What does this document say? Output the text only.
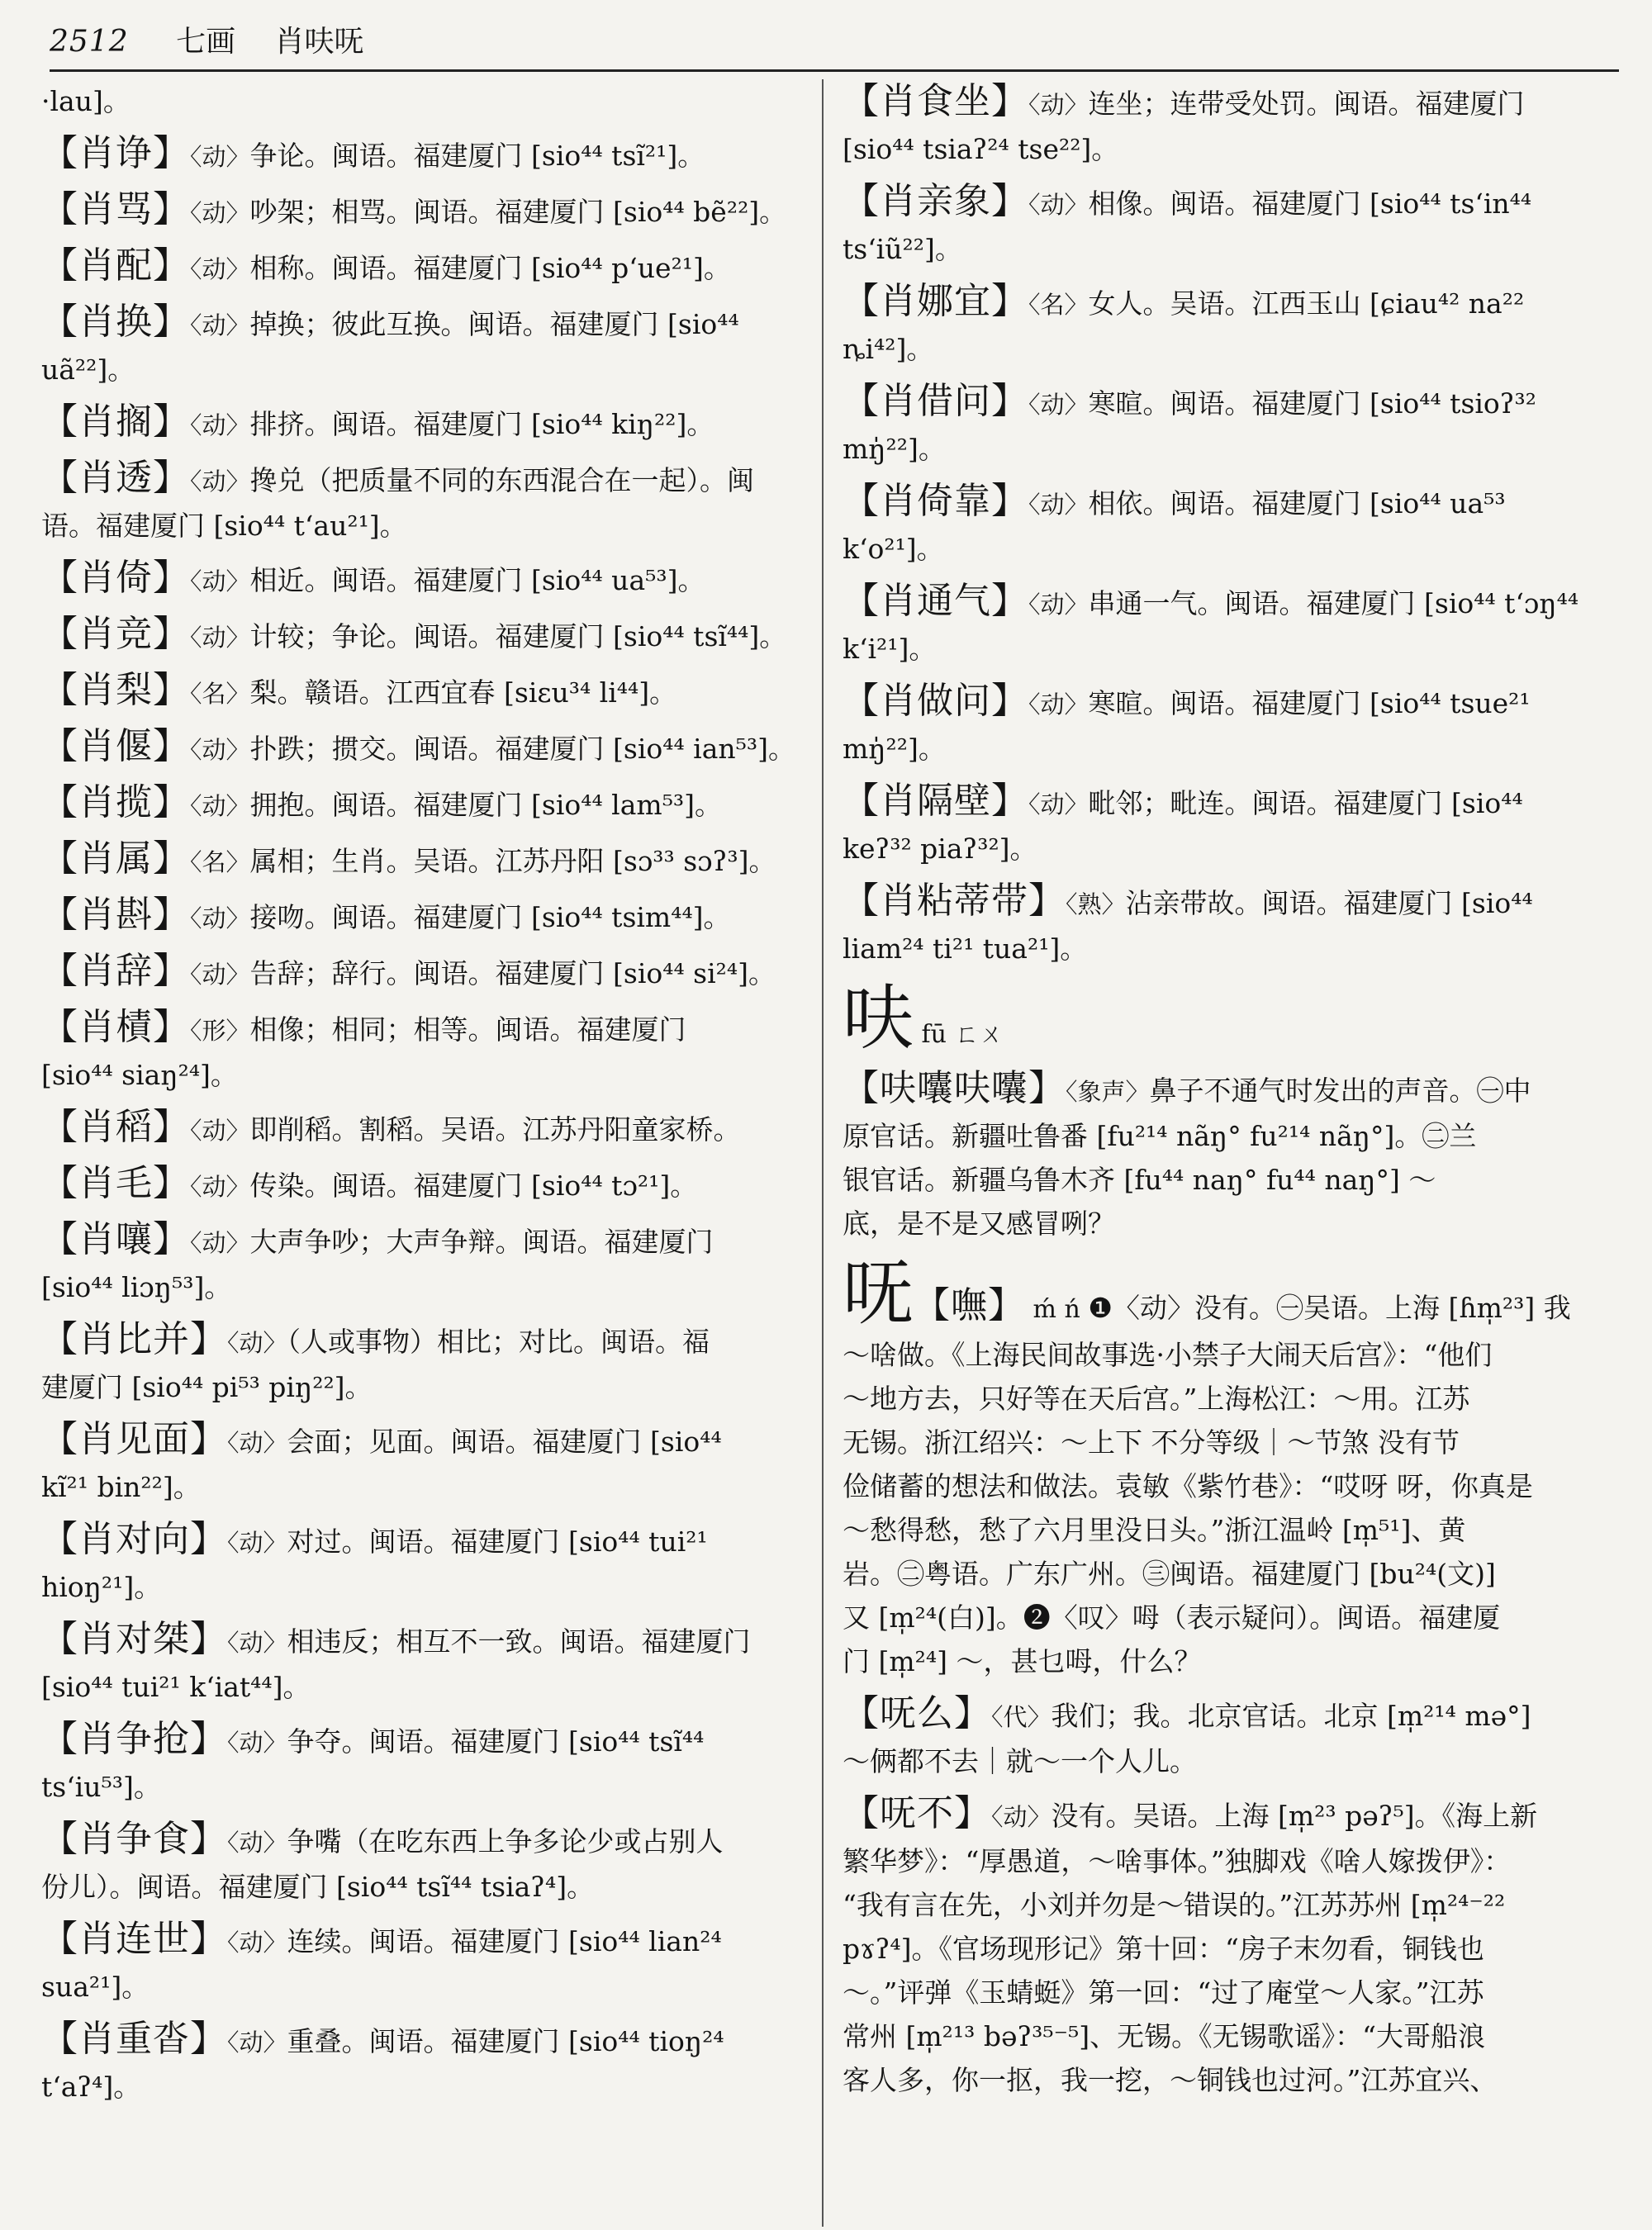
2512 七画 肖呋呒
·lau]。
【肖诤】〈动〉争论。闽语。福建厦门 [sio⁴⁴ tsĩ²¹]。
【肖骂】〈动〉吵架；相骂。闽语。福建厦门 [sio⁴⁴ bẽ²²]。
【肖配】〈动〉相称。闽语。福建厦门 [sio⁴⁴ p‘ue²¹]。
【肖换】〈动〉掉换；彼此互换。闽语。福建厦门 [sio⁴⁴
uã²²]。
【肖搁】〈动〉排挤。闽语。福建厦门 [sio⁴⁴ kiŋ²²]。
【肖透】〈动〉搀兑（把质量不同的东西混合在一起）。闽
语。福建厦门 [sio⁴⁴ t‘au²¹]。
【肖倚】〈动〉相近。闽语。福建厦门 [sio⁴⁴ ua⁵³]。
【肖竞】〈动〉计较；争论。闽语。福建厦门 [sio⁴⁴ tsĩ⁴⁴]。
【肖梨】〈名〉梨。赣语。江西宜春 [siɛu³⁴ li⁴⁴]。
【肖偃】〈动〉扑跌；掼交。闽语。福建厦门 [sio⁴⁴ ian⁵³]。
【肖揽】〈动〉拥抱。闽语。福建厦门 [sio⁴⁴ lam⁵³]。
【肖属】〈名〉属相；生肖。吴语。江苏丹阳 [sɔ³³ sɔʔ³]。
【肖斟】〈动〉接吻。闽语。福建厦门 [sio⁴⁴ tsim⁴⁴]。
【肖辞】〈动〉告辞；辞行。闽语。福建厦门 [sio⁴⁴ si²⁴]。
【肖樍】〈形〉相像；相同；相等。闽语。福建厦门
[sio⁴⁴ siaŋ²⁴]。
【肖稻】〈动〉即削稻。割稻。吴语。江苏丹阳童家桥。
【肖毛】〈动〉传染。闽语。福建厦门 [sio⁴⁴ tɔ²¹]。
【肖嚷】〈动〉大声争吵；大声争辩。闽语。福建厦门
[sio⁴⁴ liɔŋ⁵³]。
【肖比并】〈动〉（人或事物）相比；对比。闽语。福
建厦门 [sio⁴⁴ pi⁵³ piŋ²²]。
【肖见面】〈动〉会面；见面。闽语。福建厦门 [sio⁴⁴
kĩ²¹ bin²²]。
【肖对向】〈动〉对过。闽语。福建厦门 [sio⁴⁴ tui²¹
hioŋ²¹]。
【肖对桀】〈动〉相违反；相互不一致。闽语。福建厦门
[sio⁴⁴ tui²¹ k‘iat⁴⁴]。
【肖争抢】〈动〉争夺。闽语。福建厦门 [sio⁴⁴ tsĩ⁴⁴
ts‘iu⁵³]。
【肖争食】〈动〉争嘴（在吃东西上争多论少或占别人
份儿）。闽语。福建厦门 [sio⁴⁴ tsĩ⁴⁴ tsiaʔ⁴]。
【肖连世】〈动〉连续。闽语。福建厦门 [sio⁴⁴ lian²⁴
sua²¹]。
【肖重沓】〈动〉重叠。闽语。福建厦门 [sio⁴⁴ tioŋ²⁴
t‘aʔ⁴]。
【肖食坐】〈动〉连坐；连带受处罚。闽语。福建厦门
[sio⁴⁴ tsiaʔ²⁴ tse²²]。
【肖亲象】〈动〉相像。闽语。福建厦门 [sio⁴⁴ ts‘in⁴⁴
ts‘iũ²²]。
【肖娜宜】〈名〉女人。吴语。江西玉山 [ɕiau⁴² na²²
ȵi⁴²]。
【肖借问】〈动〉寒暄。闽语。福建厦门 [sio⁴⁴ tsioʔ³²
mŋ̍²²]。
【肖倚靠】〈动〉相依。闽语。福建厦门 [sio⁴⁴ ua⁵³
k‘o²¹]。
【肖通气】〈动〉串通一气。闽语。福建厦门 [sio⁴⁴ t‘ɔŋ⁴⁴
k‘i²¹]。
【肖做问】〈动〉寒暄。闽语。福建厦门 [sio⁴⁴ tsue²¹
mŋ̍²²]。
【肖隔壁】〈动〉毗邻；毗连。闽语。福建厦门 [sio⁴⁴
keʔ³² piaʔ³²]。
【肖粘蒂带】〈熟〉沾亲带故。闽语。福建厦门 [sio⁴⁴
liam²⁴ ti²¹ tua²¹]。
呋 fū ㄈㄨ
【呋囔呋囔】〈象声〉鼻子不通气时发出的声音。㊀中
原官话。新疆吐鲁番 [fu²¹⁴ nãŋ° fu²¹⁴ nãŋ°]。㊁兰
银官话。新疆乌鲁木齐 [fu⁴⁴ naŋ° fu⁴⁴ naŋ°] ～
底，是不是又感冒咧？
呒【嘸】 ḿ ń ❶〈动〉没有。㊀吴语。上海 [ɦm̩²³] 我
～啥做。《上海民间故事选·小禁子大闹天后宫》：“他们
～地方去，只好等在天后宫。”上海松江：～用。江苏
无锡。浙江绍兴：～上下 不分等级｜～节煞 没有节
俭储蓄的想法和做法。袁敏《紫竹巷》：“哎呀 呀，你真是
～愁得愁，愁了六月里没日头。”浙江温岭 [m̩⁵¹]、黄
岩。㊁粤语。广东广州。㊂闽语。福建厦门 [bu²⁴(文)]
又 [m̩²⁴(白)]。❷〈叹〉呣（表示疑问）。闽语。福建厦
门 [m̩²⁴] ～，甚乜呣，什么？
【呒么】〈代〉我们；我。北京官话。北京 [m̩²¹⁴ mə°]
～俩都不去｜就～一个人儿。
【呒不】〈动〉没有。吴语。上海 [m̩²³ pəʔ⁵]。《海上新
繁华梦》：“厚愚道，～啥事体。”独脚戏《啥人嫁拨伊》：
“我有言在先，小刘并勿是～错误的。”江苏苏州 [m̩²⁴⁻²²
pɤʔ⁴]。《官场现形记》第十回：“房子末勿看，铜钱也
～。”评弹《玉蜻蜓》第一回：“过了庵堂～人家。”江苏
常州 [m̩²¹³ bəʔ³⁵⁻⁵]、无锡。《无锡歌谣》：“大哥船浪
客人多，你一抠，我一挖，～铜钱也过河。”江苏宜兴、
